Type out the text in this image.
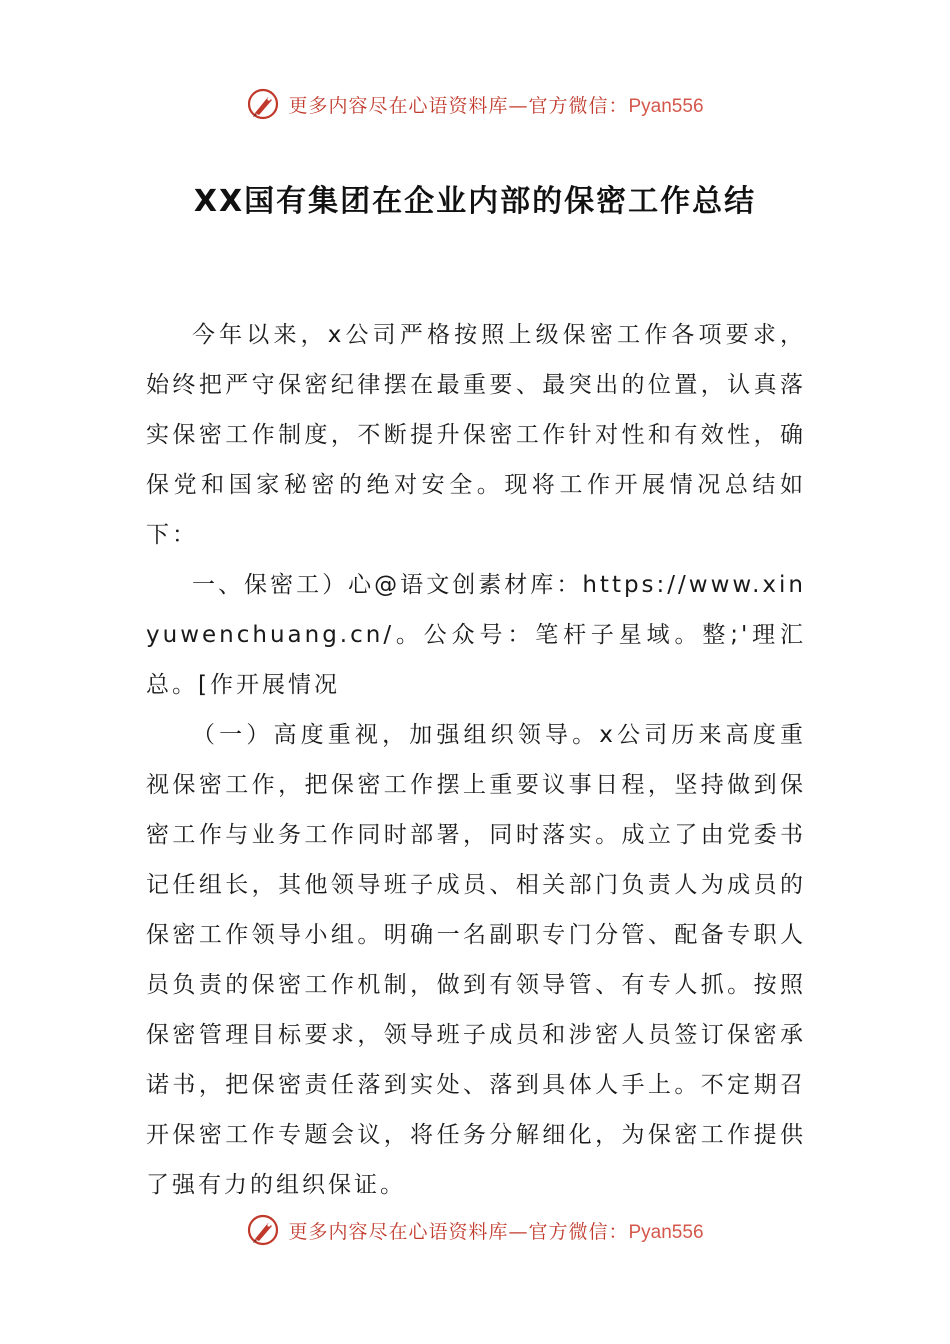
更多内容尽在心语资料库—官方微信：Pyan556
XX国有集团在企业内部的保密工作总结

今年以来，x公司严格按照上级保密工作各项要求，始终把严守保密纪律摆在最重要、最突出的位置，认真落实保密工作制度，不断提升保密工作针对性和有效性，确保党和国家秘密的绝对安全。现将工作开展情况总结如下：

一、保密工）心@语文创素材库：https://www.xinyuwenchuang.cn/。公众号：笔杆子星域。整;'理汇总。[作开展情况

（一）高度重视，加强组织领导。x公司历来高度重视保密工作，把保密工作摆上重要议事日程，坚持做到保密工作与业务工作同时部署，同时落实。成立了由党委书记任组长，其他领导班子成员、相关部门负责人为成员的保密工作领导小组。明确一名副职专门分管、配备专职人员负责的保密工作机制，做到有领导管、有专人抓。按照保密管理目标要求，领导班子成员和涉密人员签订保密承诺书，把保密责任落到实处、落到具体人手上。不定期召开保密工作专题会议，将任务分解细化，为保密工作提供了强有力的组织保证。

更多内容尽在心语资料库—官方微信：Pyan556
